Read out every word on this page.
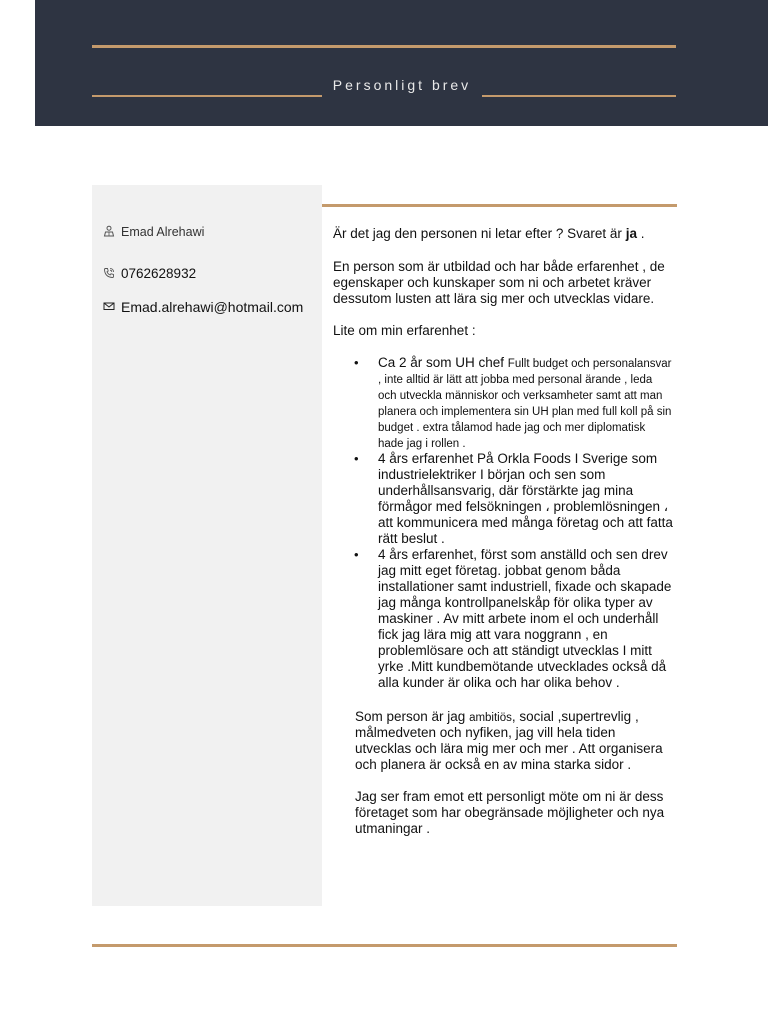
Personligt brev
Emad Alrehawi
0762628932
Emad.alrehawi@hotmail.com

Är det jag den personen ni letar efter ? Svaret är ja .

En person som är utbildad och har både erfarenhet , de egenskaper och kunskaper som ni och arbetet kräver dessutom lusten att lära sig mer och utvecklas vidare.

Lite om min erfarenhet :

• Ca 2 år som UH chef Fullt budget och personalansvar , inte alltid är lätt att jobba med personal ärande , leda och utveckla människor och verksamheter samt att man planera och implementera sin UH plan med full koll på sin budget . extra tålamod hade jag och mer diplomatisk hade jag i rollen .
• 4 års erfarenhet På Orkla Foods I Sverige som industrielektriker I början och sen som underhållsansvarig, där förstärkte jag mina förmågor med felsökningen ، problemlösningen ، att kommunicera med många företag och att fatta rätt beslut .
• 4 års erfarenhet, först som anställd och sen drev jag mitt eget företag. jobbat genom båda installationer samt industriell, fixade och skapade jag många kontrollpanelskåp för olika typer av maskiner . Av mitt arbete inom el och underhåll fick jag lära mig att vara noggrann , en problemlösare och att ständigt utvecklas I mitt yrke .Mitt kundbemötande utvecklades också då alla kunder är olika och har olika behov .

Som person är jag ambitiös, social ,supertrevlig , målmedveten och nyfiken, jag vill hela tiden utvecklas och lära mig mer och mer . Att organisera och planera är också en av mina starka sidor .

Jag ser fram emot ett personligt möte om ni är dess företaget som har obegränsade möjligheter och nya utmaningar .
